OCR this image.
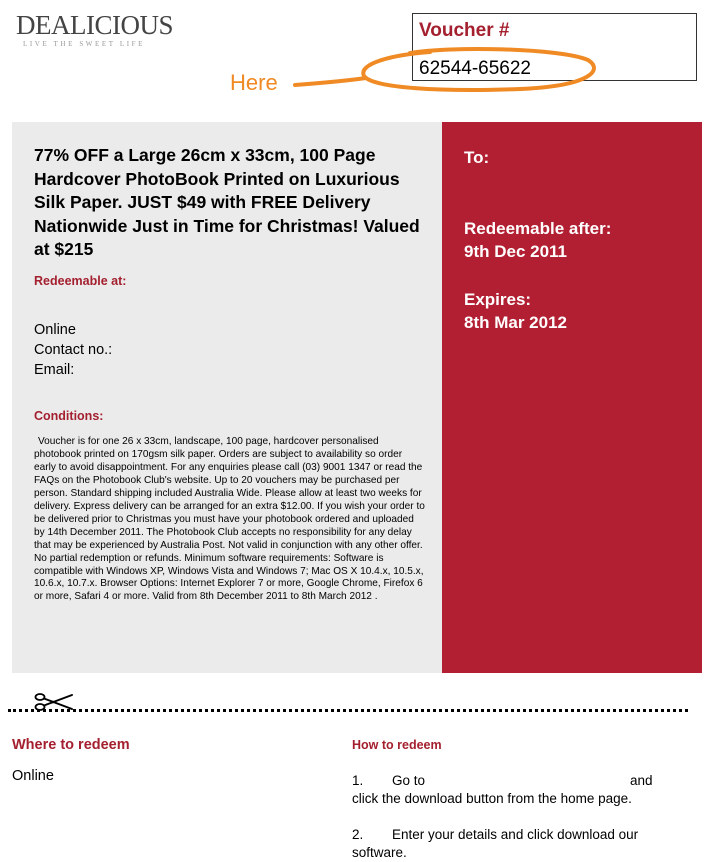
DEALICIOUS
LIVE THE SWEET LIFE
Voucher #
62544-65622
Here
77% OFF a Large 26cm x 33cm, 100 Page Hardcover PhotoBook Printed on Luxurious Silk Paper. JUST $49 with FREE Delivery Nationwide Just in Time for Christmas! Valued at $215
Redeemable at:
Online
Contact no.:
Email:
Conditions:
Voucher is for one 26 x 33cm, landscape, 100 page, hardcover personalised photobook printed on 170gsm silk paper. Orders are subject to availability so order early to avoid disappointment. For any enquiries please call (03) 9001 1347 or read the FAQs on the Photobook Club's website. Up to 20 vouchers may be purchased per person. Standard shipping included Australia Wide. Please allow at least two weeks for delivery. Express delivery can be arranged for an extra $12.00. If you wish your order to be delivered prior to Christmas you must have your photobook ordered and uploaded by 14th December 2011. The Photobook Club accepts no responsibility for any delay that may be experienced by Australia Post. Not valid in conjunction with any other offer. No partial redemption or refunds. Minimum software requirements: Software is compatible with Windows XP, Windows Vista and Windows 7; Mac OS X 10.4.x, 10.5.x, 10.6.x, 10.7.x. Browser Options: Internet Explorer 7 or more, Google Chrome, Firefox 6 or more, Safari 4 or more. Valid from 8th December 2011 to 8th March 2012 .
To:
Redeemable after:
9th Dec 2011
Expires:
8th Mar 2012
Where to redeem
Online
How to redeem
1. Go to	and
click the download button from the home page.
2. Enter your details and click download our
software.
